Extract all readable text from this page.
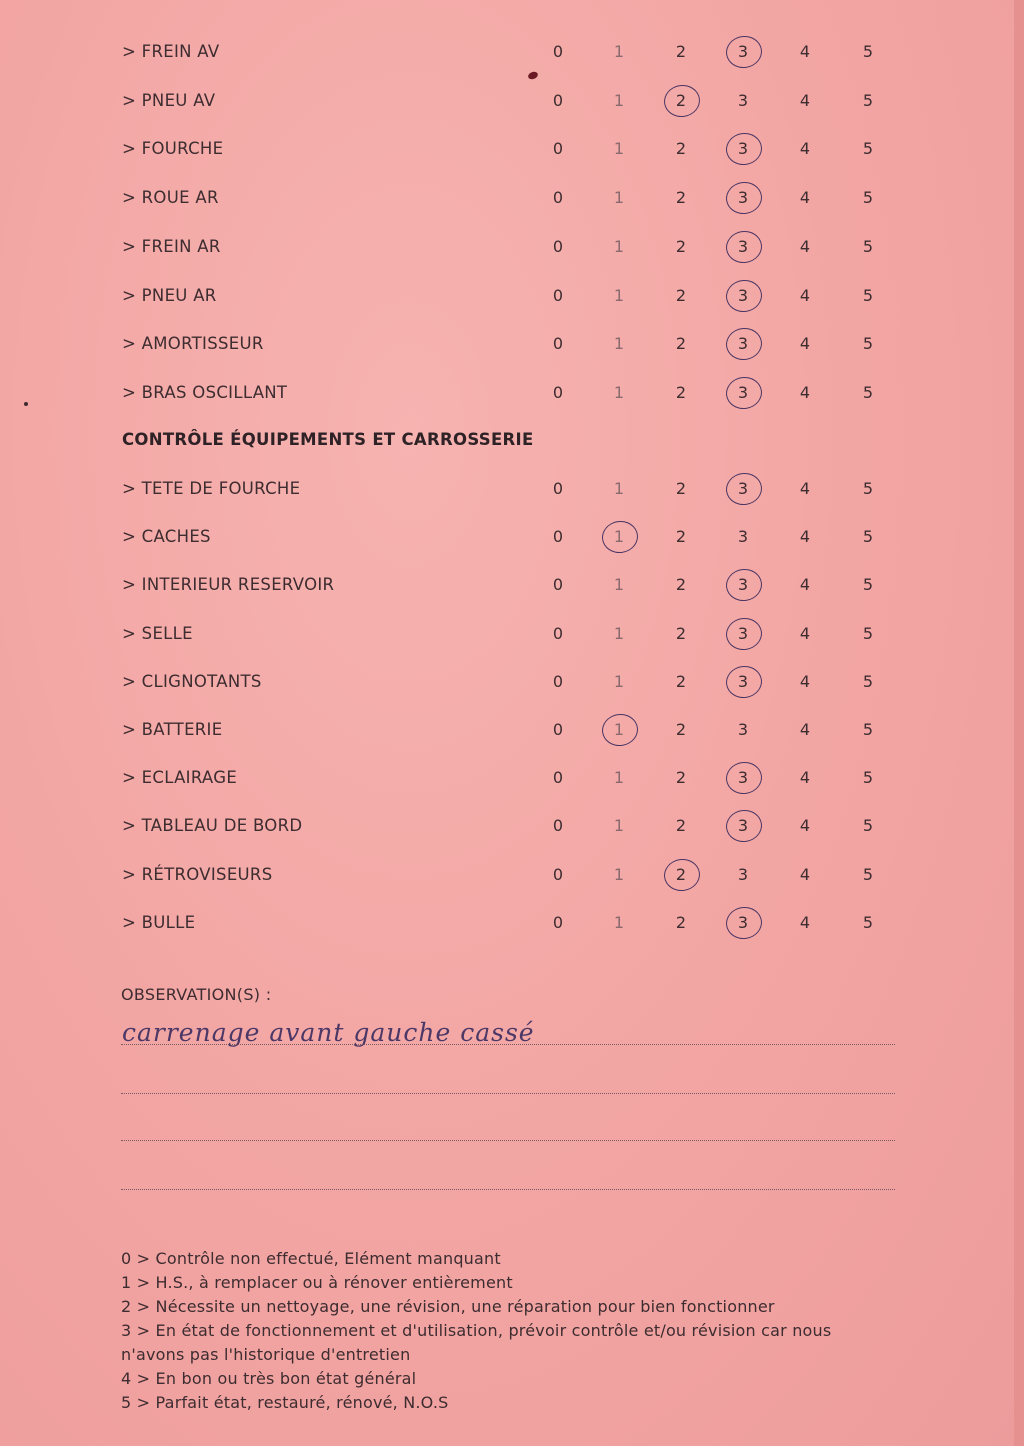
> FREIN AV	0	1	2	3	4	5
> PNEU AV	0	1	2	3	4	5
> FOURCHE	0	1	2	3	4	5
> ROUE AR	0	1	2	3	4	5
> FREIN AR	0	1	2	3	4	5
> PNEU AR	0	1	2	3	4	5
> AMORTISSEUR	0	1	2	3	4	5
> BRAS OSCILLANT	0	1	2	3	4	5
CONTRÔLE ÉQUIPEMENTS ET CARROSSERIE
> TETE DE FOURCHE	0	1	2	3	4	5
> CACHES	0	1	2	3	4	5
> INTERIEUR RESERVOIR	0	1	2	3	4	5
> SELLE	0	1	2	3	4	5
> CLIGNOTANTS	0	1	2	3	4	5
> BATTERIE	0	1	2	3	4	5
> ECLAIRAGE	0	1	2	3	4	5
> TABLEAU DE BORD	0	1	2	3	4	5
> RÉTROVISEURS	0	1	2	3	4	5
> BULLE	0	1	2	3	4	5
OBSERVATION(S) :
carrenage avant gauche cassé
0 > Contrôle non effectué, Elément manquant
1 > H.S., à remplacer ou à rénover entièrement
2 > Nécessite un nettoyage, une révision, une réparation pour bien fonctionner
3 > En état de fonctionnement et d'utilisation, prévoir contrôle et/ou révision car nous
n'avons pas l'historique d'entretien
4 > En bon ou très bon état général
5 > Parfait état, restauré, rénové, N.O.S
